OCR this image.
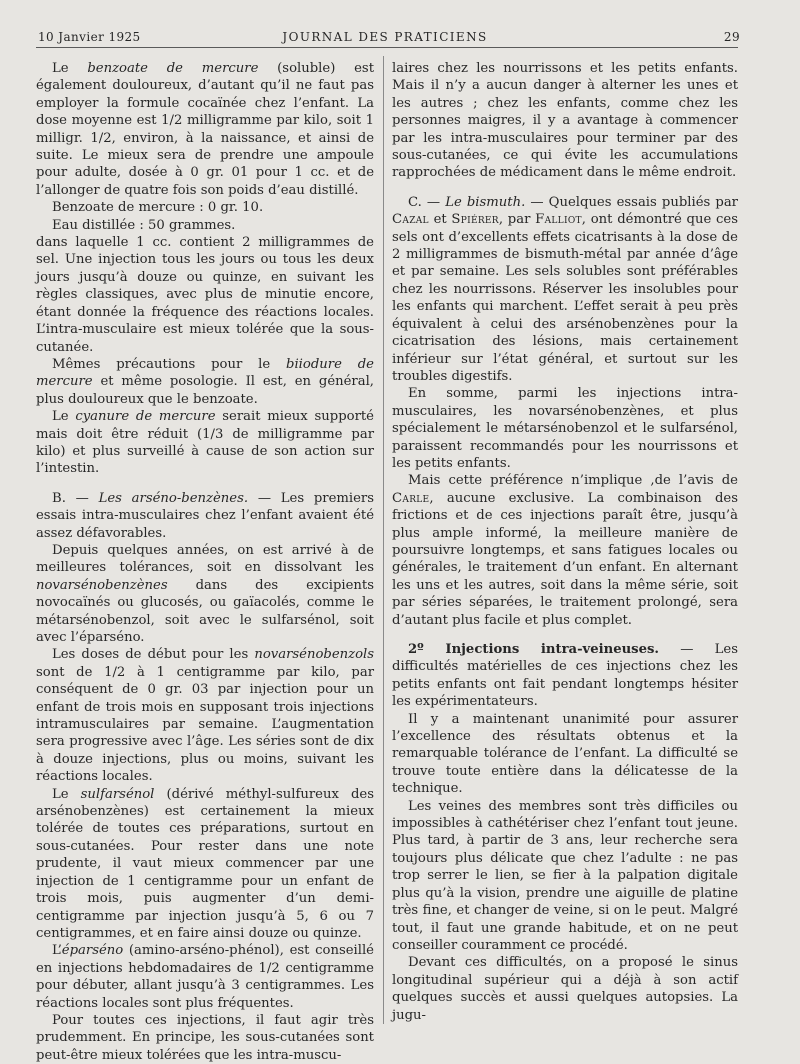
10 Janvier 1925	JOURNAL DES PRATICIENS	29

Le benzoate de mercure (soluble) est également douloureux, d’autant qu’il ne faut pas employer la formule cocaïnée chez l’enfant. La dose moyenne est 1/2 milligramme par kilo, soit 1 milligr. 1/2, environ, à la naissance, et ainsi de suite. Le mieux sera de prendre une ampoule pour adulte, dosée à 0 gr. 01 pour 1 cc. et de l’allonger de quatre fois son poids d’eau distillé.

Benzoate de mercure : 0 gr. 10.

Eau distillée : 50 grammes.

dans laquelle 1 cc. contient 2 milligrammes de sel. Une injection tous les jours ou tous les deux jours jusqu’à douze ou quinze, en suivant les règles classiques, avec plus de minutie encore, étant donnée la fréquence des réactions locales. L’intra-musculaire est mieux tolérée que la sous-cutanée.

Mêmes précautions pour le biiodure de mercure et même posologie. Il est, en général, plus douloureux que le benzoate.

Le cyanure de mercure serait mieux supporté mais doit être réduit (1/3 de milligramme par kilo) et plus surveillé à cause de son action sur l’intestin.

B. — Les arséno-benzènes. — Les premiers essais intra-musculaires chez l’enfant avaient été assez défavorables.

Depuis quelques années, on est arrivé à de meilleures tolérances, soit en dissolvant les novarsénobenzènes dans des excipients novocaïnés ou glucosés, ou gaïacolés, comme le métarsénobenzol, soit avec le sulfarsénol, soit avec l’éparséno.

Les doses de début pour les novarsénobenzols sont de 1/2 à 1 centigramme par kilo, par conséquent de 0 gr. 03 par injection pour un enfant de trois mois en supposant trois injections intramusculaires par semaine. L’augmentation sera progressive avec l’âge. Les séries sont de dix à douze injections, plus ou moins, suivant les réactions locales.

Le sulfarsénol (dérivé méthyl-sulfureux des arsénobenzènes) est certainement la mieux tolérée de toutes ces préparations, surtout en sous-cutanées. Pour rester dans une note prudente, il vaut mieux commencer par une injection de 1 centigramme pour un enfant de trois mois, puis augmenter d’un demi-centigramme par injection jusqu’à 5, 6 ou 7 centigrammes, et en faire ainsi douze ou quinze.

L’éparséno (amino-arséno-phénol), est conseillé en injections hebdomadaires de 1/2 centigramme pour débuter, allant jusqu’à 3 centigrammes. Les réactions locales sont plus fréquentes.

Pour toutes ces injections, il faut agir très prudemment. En principe, les sous-cutanées sont peut-être mieux tolérées que les intra-muscu-

laires chez les nourrissons et les petits enfants. Mais il n’y a aucun danger à alterner les unes et les autres ; chez les enfants, comme chez les personnes maigres, il y a avantage à commencer par les intra-musculaires pour terminer par des sous-cutanées, ce qui évite les accumulations rapprochées de médicament dans le même endroit.

C. — Le bismuth. — Quelques essais publiés par Cazal et Spiérer, par Falliot, ont démontré que ces sels ont d’excellents effets cicatrisants à la dose de 2 milligrammes de bismuth-métal par année d’âge et par semaine. Les sels solubles sont préférables chez les nourrissons. Réserver les insolubles pour les enfants qui marchent. L’effet serait à peu près équivalent à celui des arsénobenzènes pour la cicatrisation des lésions, mais certainement inférieur sur l’état général, et surtout sur les troubles digestifs.

En somme, parmi les injections intra-musculaires, les novarsénobenzènes, et plus spécialement le métarsénobenzol et le sulfarsénol, paraissent recommandés pour les nourrissons et les petits enfants.

Mais cette préférence n’implique ,de l’avis de Carle, aucune exclusive. La combinaison des frictions et de ces injections paraît être, jusqu’à plus ample informé, la meilleure manière de poursuivre longtemps, et sans fatigues locales ou générales, le traitement d’un enfant. En alternant les uns et les autres, soit dans la même série, soit par séries séparées, le traitement prolongé, sera d’autant plus facile et plus complet.

2º Injections intra-veineuses. — Les difficultés matérielles de ces injections chez les petits enfants ont fait pendant longtemps hésiter les expérimentateurs.

Il y a maintenant unanimité pour assurer l’excellence des résultats obtenus et la remarquable tolérance de l’enfant. La difficulté se trouve toute entière dans la délicatesse de la technique.

Les veines des membres sont très difficiles ou impossibles à cathétériser chez l’enfant tout jeune. Plus tard, à partir de 3 ans, leur recherche sera toujours plus délicate que chez l’adulte : ne pas trop serrer le lien, se fier à la palpation digitale plus qu’à la vision, prendre une aiguille de platine très fine, et changer de veine, si on le peut. Malgré tout, il faut une grande habitude, et on ne peut conseiller couramment ce procédé.

Devant ces difficultés, on a proposé le sinus longitudinal supérieur qui a déjà à son actif quelques succès et aussi quelques autopsies. La jugu-
